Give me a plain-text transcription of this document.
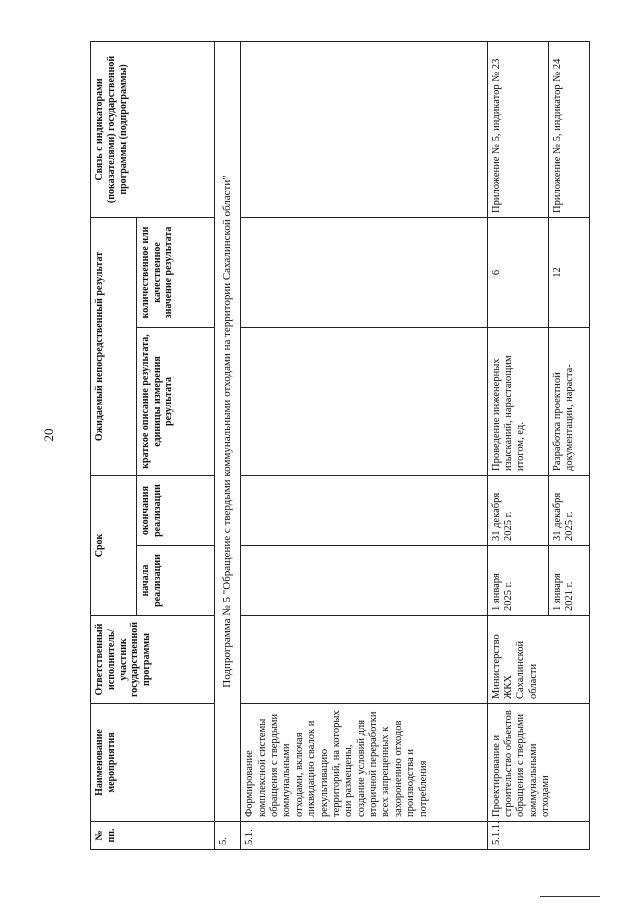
20
№ пп.	Наименование мероприятия	Ответственный исполнитель/участник государственной программы	Срок		Ожидаемый непосредственный результат		Связь с индикаторами (показателями) государственной программы (подпрограммы)
			начала реализации	окончания реализации	краткое описание результата, единицы измерения результата	количественное или качественное значение результата	
5.	Подпрограмма № 5 "Обращение с твердыми коммунальными отходами на территории Сахалинской области"						
5.1.	Формирование комплексной системы обращения с твердыми коммунальными отходами, включая ликвидацию свалок и рекультивацию территорий, на которых они размещены, создание условий для вторичной переработки всех запрещенных к захоронению отходов производства и потребления						
5.1.1.	Проектирование и строительство объектов обращения с твердыми коммунальными отходами	Министерство ЖКХ Сахалинской области	1 января 2025 г.	31 декабря 2025 г.	Проведение инженерных изысканий, нарастающим итогом, ед.	6	Приложение № 5, индикатор № 23
			1 января 2021 г.	31 декабря 2025 г.	Разработка проектной документации, нараста-	12	Приложение № 5, индикатор № 24
